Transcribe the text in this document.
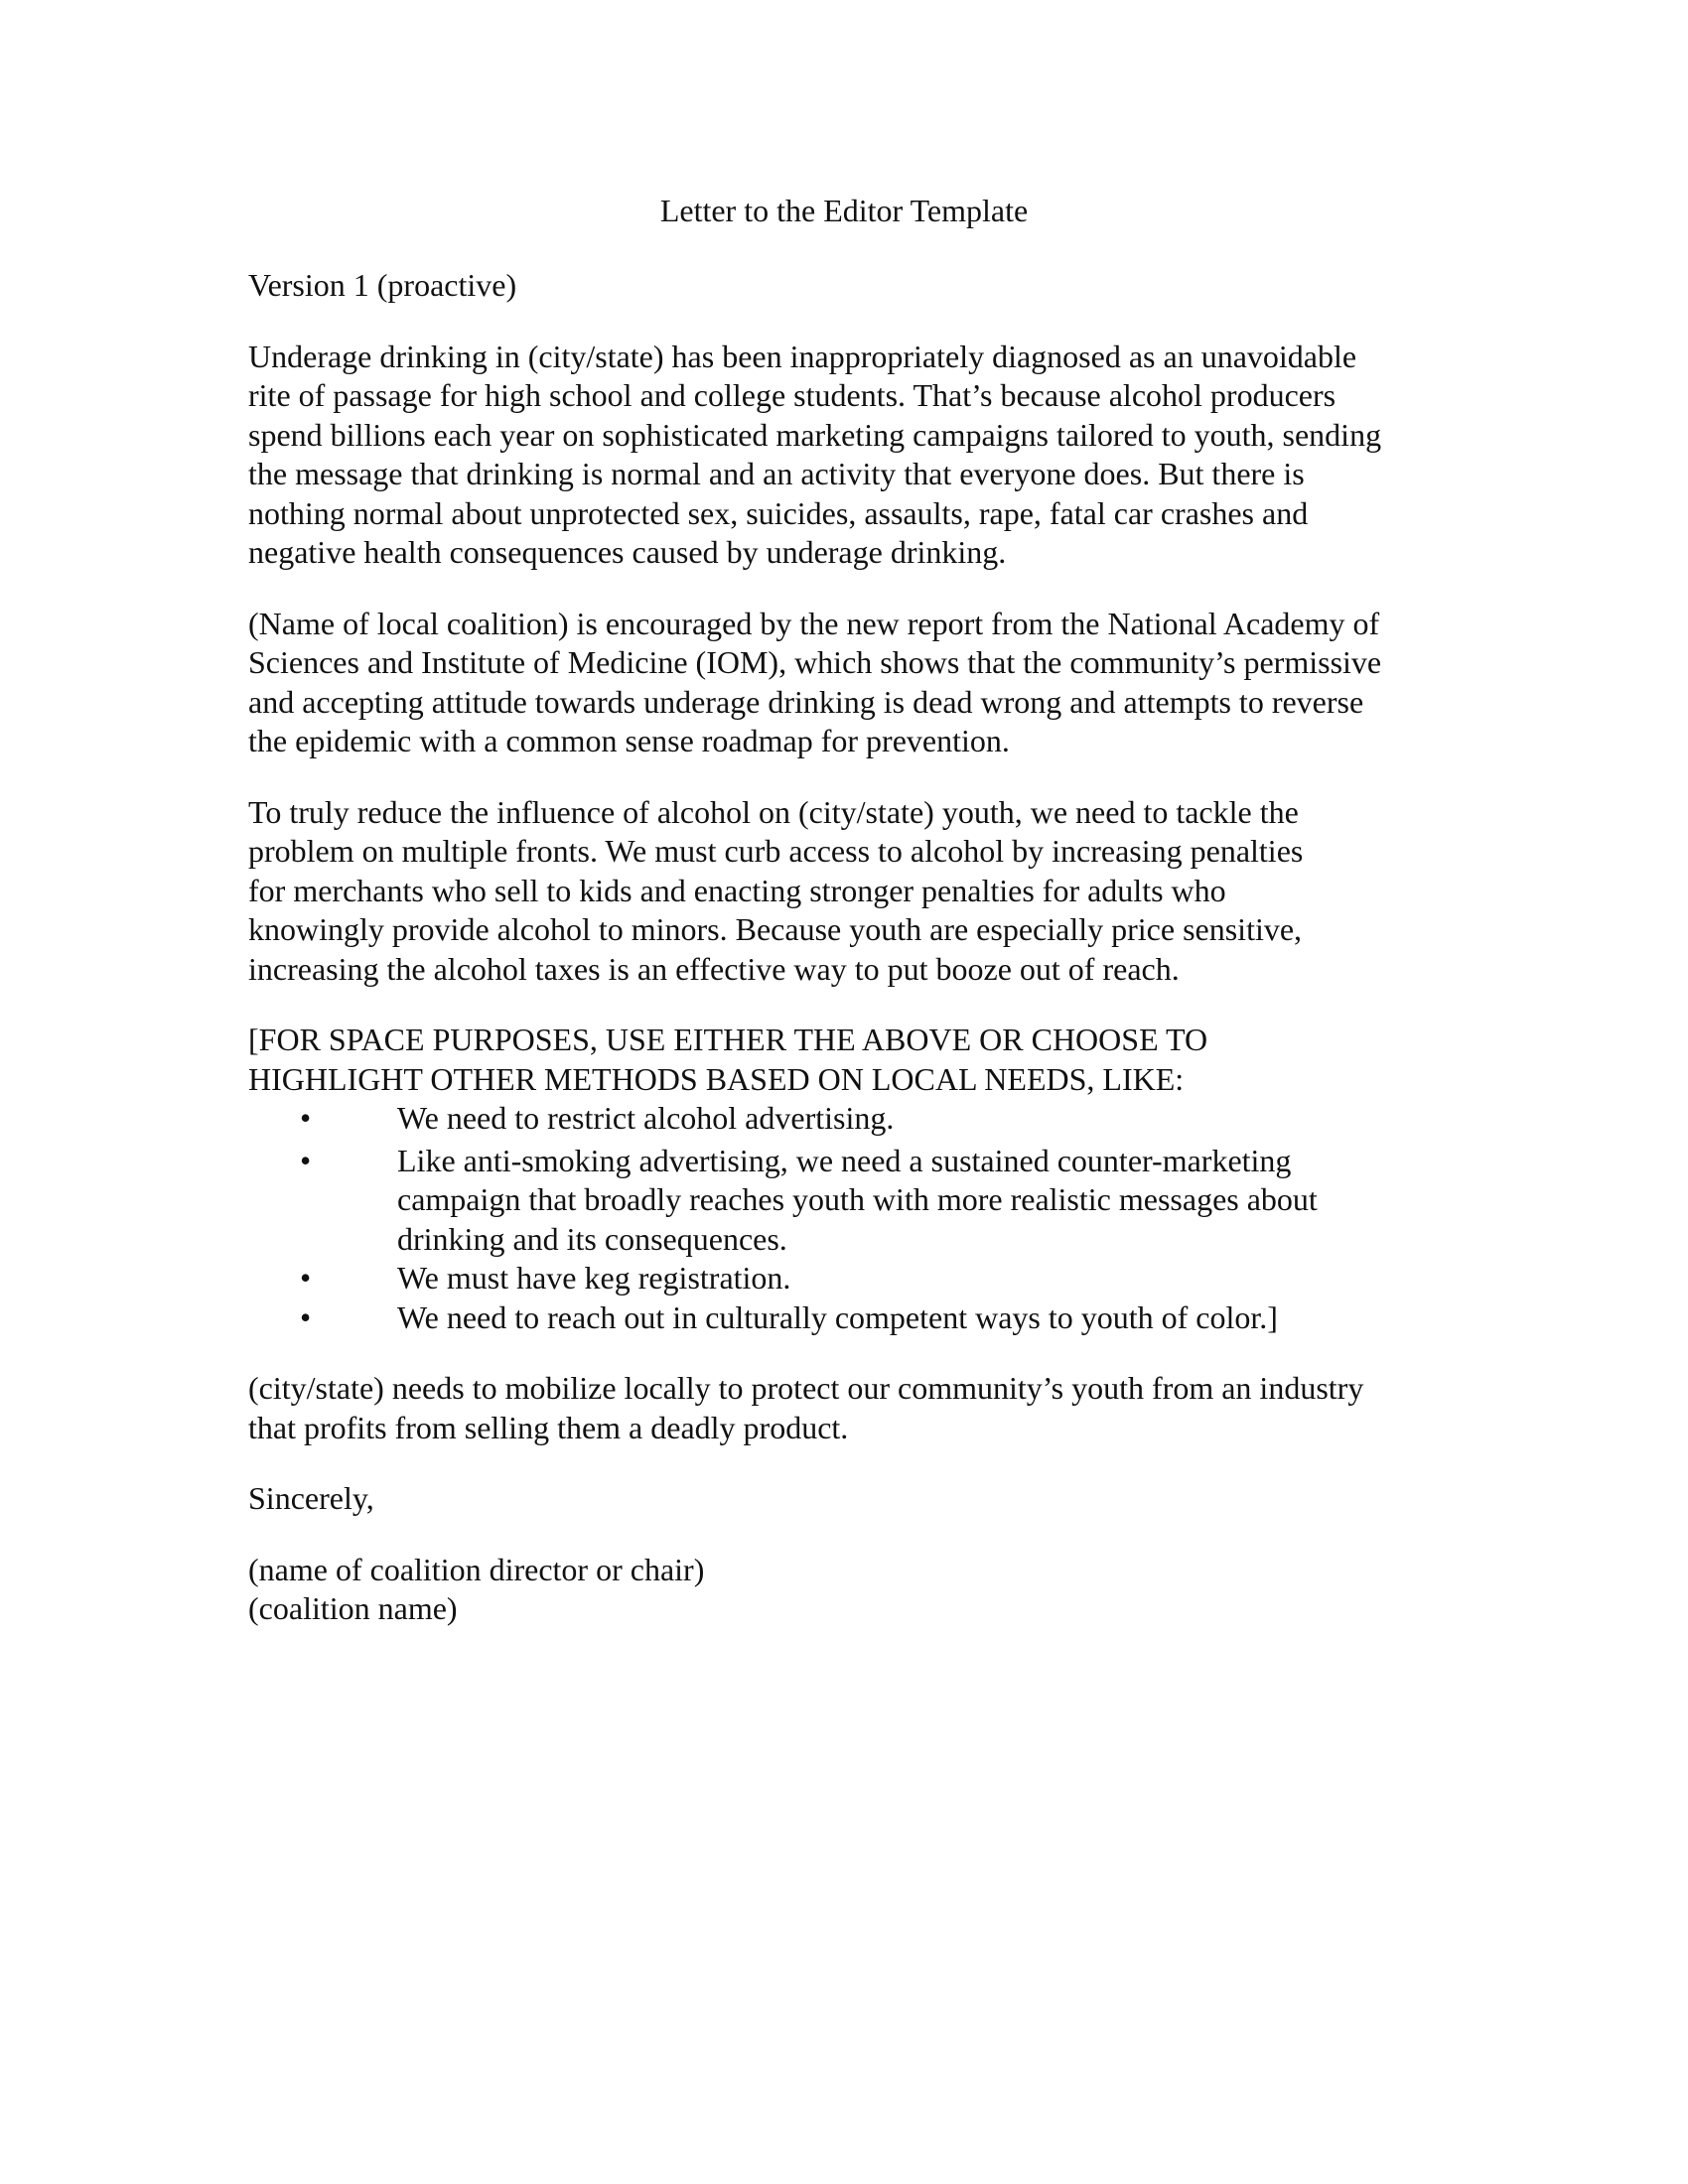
Letter to the Editor Template
Version 1 (proactive)
Underage drinking in (city/state) has been inappropriately diagnosed as an unavoidable
rite of passage for high school and college students. That’s because alcohol producers
spend billions each year on sophisticated marketing campaigns tailored to youth, sending
the message that drinking is normal and an activity that everyone does. But there is
nothing normal about unprotected sex, suicides, assaults, rape, fatal car crashes and
negative health consequences caused by underage drinking.
(Name of local coalition) is encouraged by the new report from the National Academy of
Sciences and Institute of Medicine (IOM), which shows that the community’s permissive
and accepting attitude towards underage drinking is dead wrong and attempts to reverse
the epidemic with a common sense roadmap for prevention.
To truly reduce the influence of alcohol on (city/state) youth, we need to tackle the
problem on multiple fronts. We must curb access to alcohol by increasing penalties
for merchants who sell to kids and enacting stronger penalties for adults who
knowingly provide alcohol to minors. Because youth are especially price sensitive,
increasing the alcohol taxes is an effective way to put booze out of reach.
[FOR SPACE PURPOSES, USE EITHER THE ABOVE OR CHOOSE TO
HIGHLIGHT OTHER METHODS BASED ON LOCAL NEEDS, LIKE:
•	We need to restrict alcohol advertising.
•	Like anti-smoking advertising, we need a sustained counter-marketing
campaign that broadly reaches youth with more realistic messages about
drinking and its consequences.
•	We must have keg registration.
•	We need to reach out in culturally competent ways to youth of color.]
(city/state) needs to mobilize locally to protect our community’s youth from an industry
that profits from selling them a deadly product.
Sincerely,
(name of coalition director or chair)
(coalition name)
